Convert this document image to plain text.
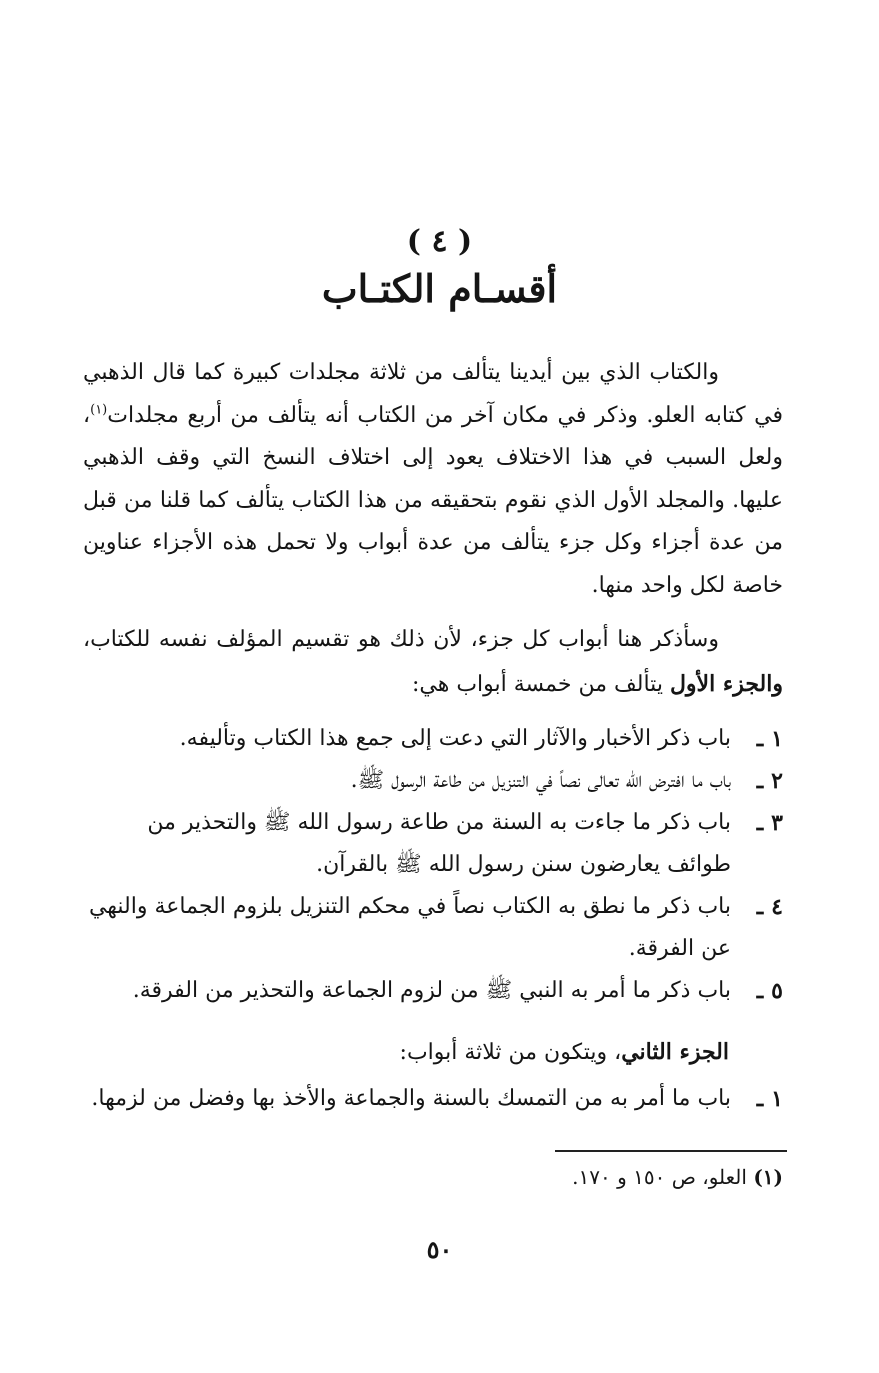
( ٤ )
أقسـام الكتـاب

والكتاب الذي بين أيدينا يتألف من ثلاثة مجلدات كبيرة كما قال الذهبي في كتابه العلو. وذكر في مكان آخر من الكتاب أنه يتألف من أربع مجلدات$^{(١)}$، ولعل السبب في هذا الاختلاف يعود إلى اختلاف النسخ التي وقف الذهبي عليها. والمجلد الأول الذي نقوم بتحقيقه من هذا الكتاب يتألف كما قلنا من قبل من عدة أجزاء وكل جزء يتألف من عدة أبواب ولا تحمل هذه الأجزاء عناوين خاصة لكل واحد منها.

وسأذكر هنا أبواب كل جزء، لأن ذلك هو تقسيم المؤلف نفسه للكتاب، والجزء الأول يتألف من خمسة أبواب هي:

١ـ
باب ذكر الأخبار والآثار التي دعت إلى جمع هذا الكتاب وتأليفه.
٢ـ
باب ما افترض الله تعالى نصاً في التنزيل من طاعة الرسول ﷺ.
٣ـ
باب ذكر ما جاءت به السنة من طاعة رسول الله ﷺ والتحذير من طوائف يعارضون سنن رسول الله ﷺ بالقرآن.
٤ـ
باب ذكر ما نطق به الكتاب نصاً في محكم التنزيل بلزوم الجماعة والنهي عن الفرقة.
٥ـ
باب ذكر ما أمر به النبي ﷺ من لزوم الجماعة والتحذير من الفرقة.
الجزء الثاني، ويتكون من ثلاثة أبواب:
١ـ
باب ما أمر به من التمسك بالسنة والجماعة والأخذ بها وفضل من لزمها.
(١) العلو، ص ١٥٠ و ١٧٠.
٥٠
